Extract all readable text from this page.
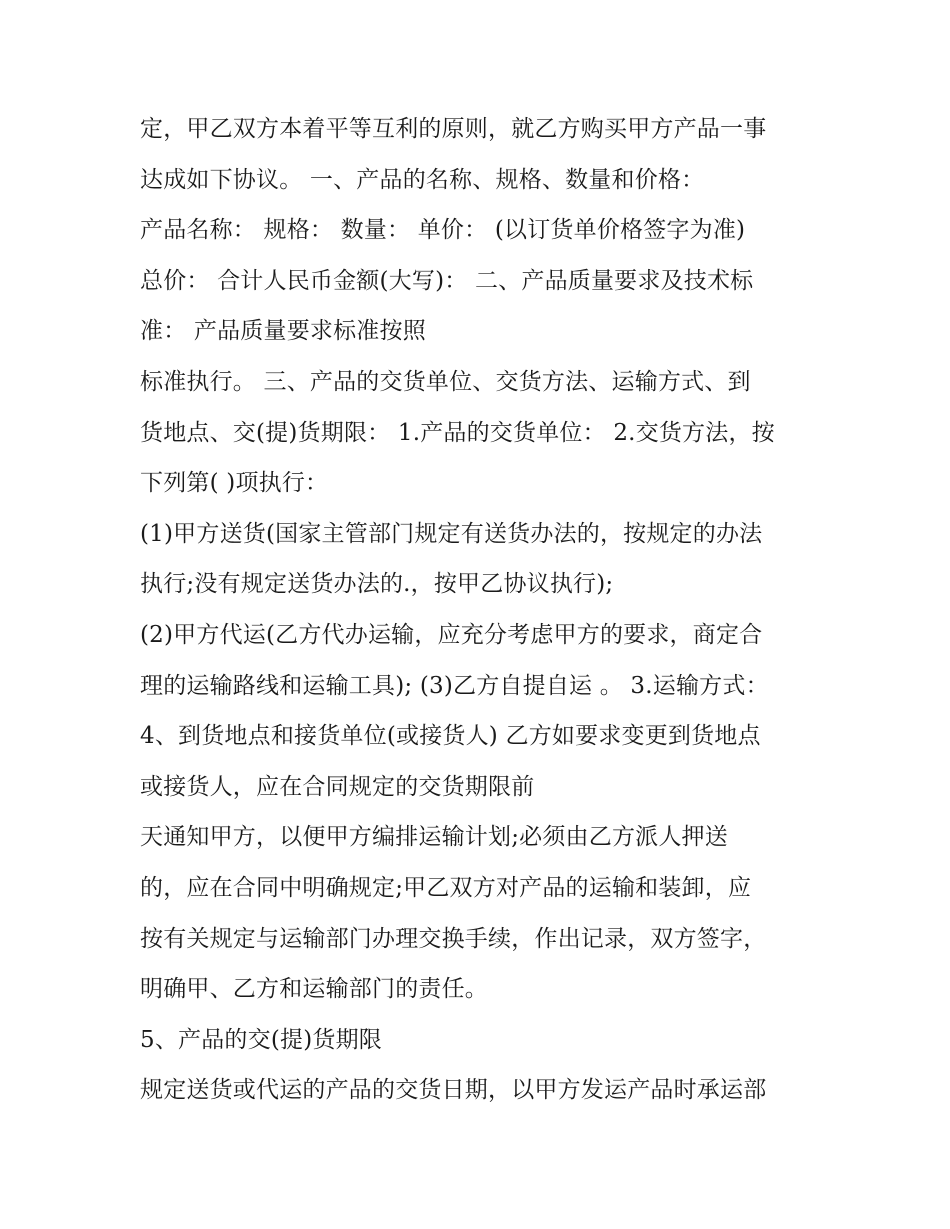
定，甲乙双方本着平等互利的原则，就乙方购买甲方产品一事
达成如下协议。 一、产品的名称、规格、数量和价格：
产品名称： 规格： 数量： 单价： (以订货单价格签字为准)
总价： 合计人民币金额(大写)： 二、产品质量要求及技术标
准： 产品质量要求标准按照
标准执行。 三、产品的交货单位、交货方法、运输方式、到
货地点、交(提)货期限： 1.产品的交货单位： 2.交货方法，按
下列第( )项执行：
(1)甲方送货(国家主管部门规定有送货办法的，按规定的办法
执行;没有规定送货办法的.，按甲乙协议执行);
(2)甲方代运(乙方代办运输，应充分考虑甲方的要求，商定合
理的运输路线和运输工具); (3)乙方自提自运 。 3.运输方式：
4、到货地点和接货单位(或接货人) 乙方如要求变更到货地点
或接货人，应在合同规定的交货期限前
天通知甲方，以便甲方编排运输计划;必须由乙方派人押送
的，应在合同中明确规定;甲乙双方对产品的运输和装卸，应
按有关规定与运输部门办理交换手续，作出记录，双方签字，
明确甲、乙方和运输部门的责任。
5、产品的交(提)货期限
规定送货或代运的产品的交货日期，以甲方发运产品时承运部
